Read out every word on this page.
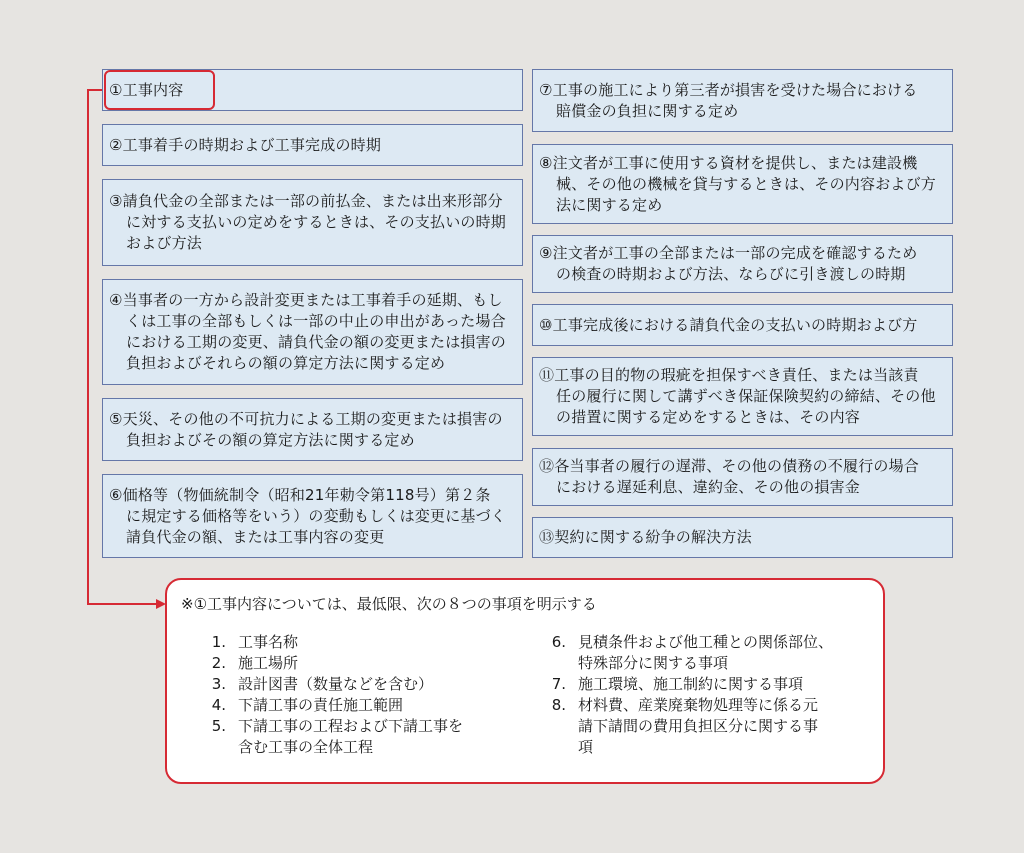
①工事内容
②工事着手の時期および工事完成の時期
③請負代金の全部または一部の前払金、または出来形部分
に対する支払いの定めをするときは、その支払いの時期
および方法
④当事者の一方から設計変更または工事着手の延期、もし
くは工事の全部もしくは一部の中止の申出があった場合
における工期の変更、請負代金の額の変更または損害の
負担およびそれらの額の算定方法に関する定め
⑤天災、その他の不可抗力による工期の変更または損害の
負担およびその額の算定方法に関する定め
⑥価格等（物価統制令（昭和21年勅令第118号）第２条
に規定する価格等をいう）の変動もしくは変更に基づく
請負代金の額、または工事内容の変更
⑦工事の施工により第三者が損害を受けた場合における
賠償金の負担に関する定め
⑧注文者が工事に使用する資材を提供し、または建設機
械、その他の機械を貸与するときは、その内容および方
法に関する定め
⑨注文者が工事の全部または一部の完成を確認するため
の検査の時期および方法、ならびに引き渡しの時期
⑩工事完成後における請負代金の支払いの時期および方
⑪工事の目的物の瑕疵を担保すべき責任、または当該責
任の履行に関して講ずべき保証保険契約の締結、その他
の措置に関する定めをするときは、その内容
⑫各当事者の履行の遅滞、その他の債務の不履行の場合
における遅延利息、違約金、その他の損害金
⑬契約に関する紛争の解決方法
※①工事内容については、最低限、次の８つの事項を明示する
1. 工事名称
2. 施工場所
3. 設計図書（数量などを含む）
4. 下請工事の責任施工範囲
5. 下請工事の工程および下請工事を
含む工事の全体工程
6. 見積条件および他工種との関係部位、
特殊部分に関する事項
7. 施工環境、施工制約に関する事項
8. 材料費、産業廃棄物処理等に係る元
請下請間の費用負担区分に関する事
項
